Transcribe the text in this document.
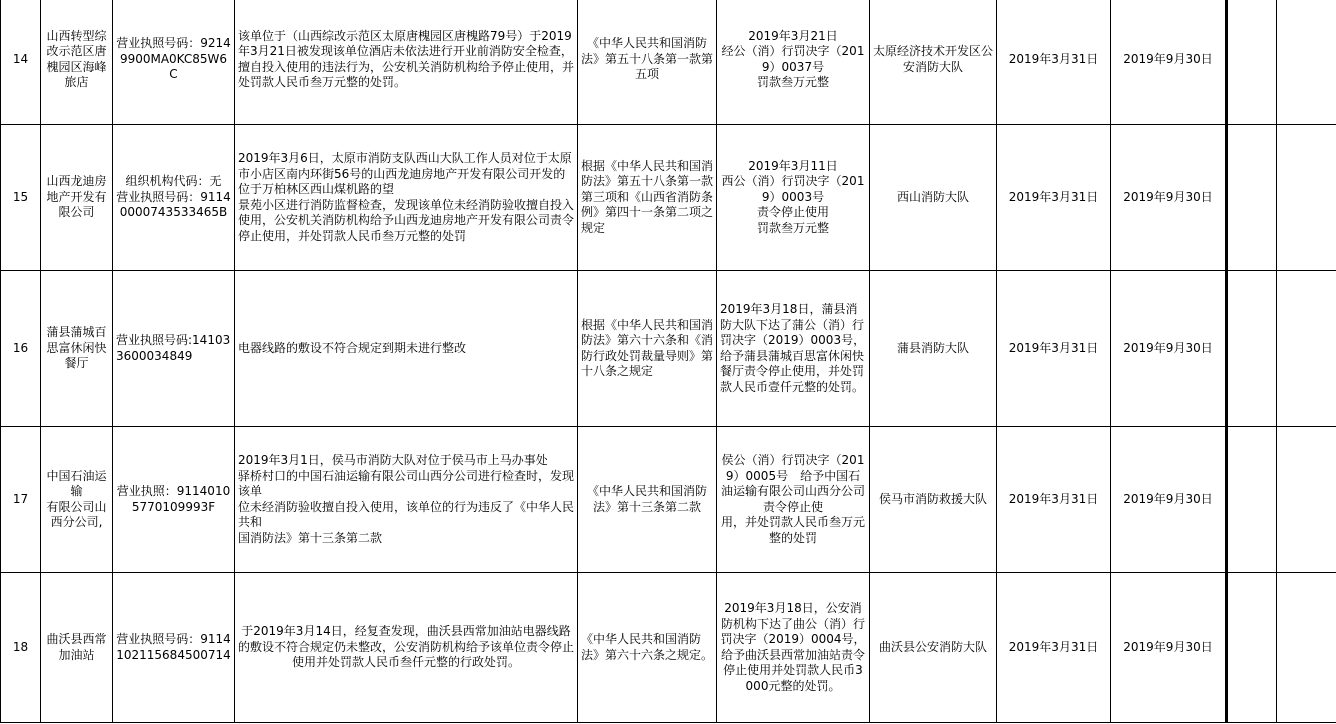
14	山西转型综改示范区唐槐园区海峰旅店	营业执照号码：92149900MA0KC85W6C	该单位于（山西综改示范区太原唐槐园区唐槐路79号）于2019年3月21日被发现该单位酒店未依法进行开业前消防安全检查，擅自投入使用的违法行为，公安机关消防机构给予停止使用，并处罚款人民币叁万元整的处罚。	《中华人民共和国消防法》第五十八条第一款第五项	2019年3月21日
经公（消）行罚决字（2019）0037号
罚款叁万元整	太原经济技术开发区公安消防大队	2019年3月31日	2019年9月30日		
15	山西龙迪房地产开发有限公司	组织机构代码：无
营业执照号码：91140000743533465B	2019年3月6日，太原市消防支队西山大队工作人员对位于太原市小店区南内环街56号的山西龙迪房地产开发有限公司开发的位于万柏林区西山煤机路的望
景苑小区进行消防监督检查，发现该单位未经消防验收擅自投入使用，公安机关消防机构给予山西龙迪房地产开发有限公司责令停止使用，并处罚款人民币叁万元整的处罚	根据《中华人民共和国消防法》第五十八条第一款第三项和《山西省消防条例》第四十一条第二项之规定	2019年3月11日
西公（消）行罚决字（2019）0003号
责令停止使用
罚款叁万元整	西山消防大队	2019年3月31日	2019年9月30日		
16	蒲县蒲城百思富休闲快餐厅	营业执照号码:141033600034849	电器线路的敷设不符合规定到期未进行整改	根据《中华人民共和国消防法》第六十六条和《消防行政处罚裁量导则》第十八条之规定	2019年3月18日，蒲县消防大队下达了蒲公（消）行罚决字（2019）0003号，给予蒲县蒲城百思富休闲快餐厅责令停止使用，并处罚款人民币壹仟元整的处罚。	蒲县消防大队	2019年3月31日	2019年9月30日		
17	中国石油运输
有限公司山西分公司,	营业执照：91140105770109993F	2019年3月1日，侯马市消防大队对位于侯马市上马办事处
驿桥村口的中国石油运输有限公司山西分公司进行检查时，发现该单
位未经消防验收擅自投入使用，该单位的行为违反了《中华人民共和
国消防法》第十三条第二款	《中华人民共和国消防法》第十三条第二款	侯公（消）行罚决字（2019）0005号　给予中国石油运输有限公司山西分公司责令停止使
用，并处罚款人民币叁万元整的处罚	侯马市消防救援大队	2019年3月31日	2019年9月30日		
18	曲沃县西常加油站	营业执照号码：9114102115684500714	于2019年3月14日，经复查发现，曲沃县西常加油站电器线路的敷设不符合规定仍未整改，公安消防机构给予该单位责令停止使用并处罚款人民币叁仟元整的行政处罚。	《中华人民共和国消防法》第六十六条之规定。	2019年3月18日，公安消防机构下达了曲公（消）行罚决字（2019）0004号，给予曲沃县西常加油站责令停止使用并处罚款人民币3000元整的处罚。	曲沃县公安消防大队	2019年3月31日	2019年9月30日		
